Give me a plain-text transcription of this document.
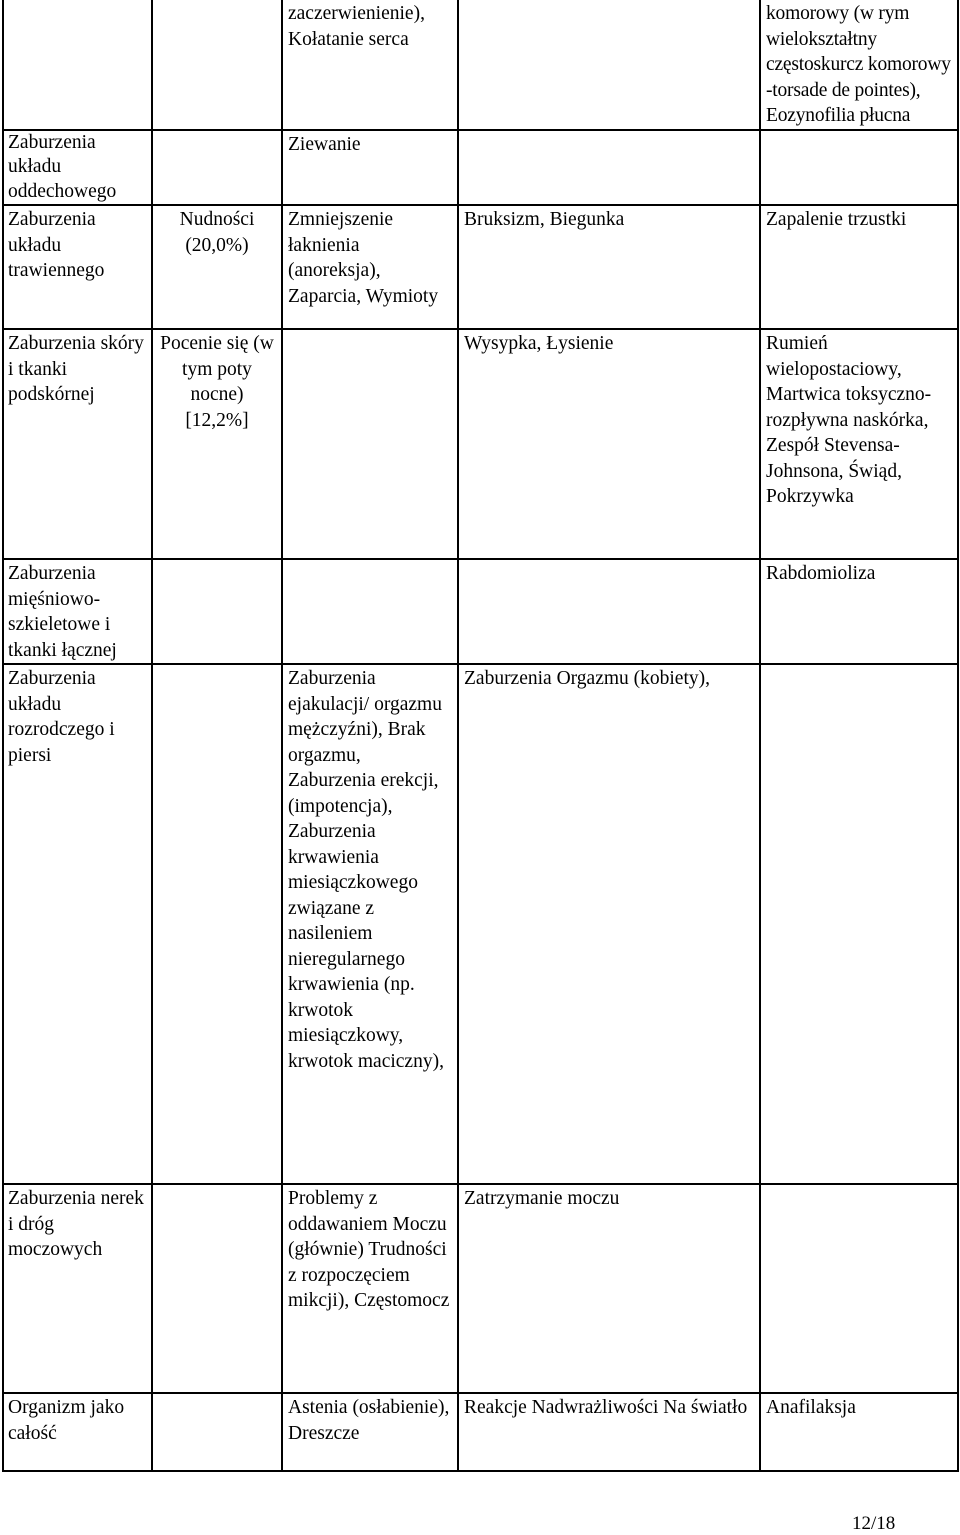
		zaczerwienienie), Kołatanie serca		komorowy (w rym wielokształtny częstoskurcz komorowy -torsade de pointes), Eozynofilia płucna

Zaburzenia układu oddechowego		Ziewanie		

Zaburzenia układu trawiennego	Nudności (20,0%)	Zmniejszenie łaknienia (anoreksja), Zaparcia, Wymioty	Bruksizm, Biegunka	Zapalenie trzustki

Zaburzenia skóry i tkanki podskórnej	Pocenie się (w tym poty nocne) [12,2%]		Wysypka, Łysienie	Rumień wielopostaciowy, Martwica toksyczno-rozpływna naskórka, Zespół Stevensa-Johnsona, Świąd, Pokrzywka

Zaburzenia mięśniowo-szkieletowe i tkanki łącznej				Rabdomioliza

Zaburzenia układu rozrodczego i piersi		Zaburzenia ejakulacji/ orgazmu mężczyźni), Brak orgazmu, Zaburzenia erekcji, (impotencja), Zaburzenia krwawienia miesiączkowego związane z nasileniem nieregularnego krwawienia (np. krwotok miesiączkowy, krwotok maciczny),	Zaburzenia Orgazmu (kobiety),	

Zaburzenia nerek i dróg moczowych		Problemy z oddawaniem Moczu (głównie) Trudności z rozpoczęciem mikcji), Częstomocz	Zatrzymanie moczu	

Organizm jako całość		Astenia (osłabienie), Dreszcze	Reakcje Nadwrażliwości Na światło	Anafilaksja
12/18
